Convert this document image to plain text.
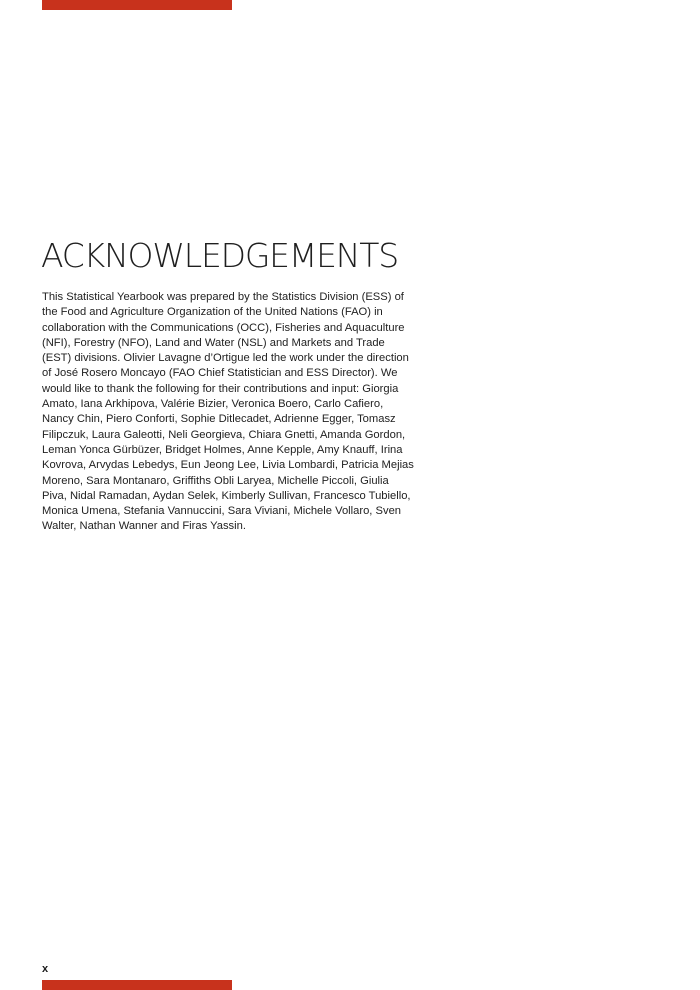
ACKNOWLEDGEMENTS

This Statistical Yearbook was prepared by the Statistics Division (ESS) of the Food and Agriculture Organization of the United Nations (FAO) in collaboration with the Communications (OCC), Fisheries and Aquaculture (NFI), Forestry (NFO), Land and Water (NSL) and Markets and Trade (EST) divisions. Olivier Lavagne d’Ortigue led the work under the direction of José Rosero Moncayo (FAO Chief Statistician and ESS Director). We would like to thank the following for their contributions and input: Giorgia Amato, Iana Arkhipova, Valérie Bizier, Veronica Boero, Carlo Cafiero, Nancy Chin, Piero Conforti, Sophie Ditlecadet, Adrienne Egger, Tomasz Filipczuk, Laura Galeotti, Neli Georgieva, Chiara Gnetti, Amanda Gordon, Leman Yonca Gürbüzer, Bridget Holmes, Anne Kepple, Amy Knauff, Irina Kovrova, Arvydas Lebedys, Eun Jeong Lee, Livia Lombardi, Patricia Mejias Moreno, Sara Montanaro, Griffiths Obli Laryea, Michelle Piccoli, Giulia Piva, Nidal Ramadan, Aydan Selek, Kimberly Sullivan, Francesco Tubiello, Monica Umena, Stefania Vannuccini, Sara Viviani, Michele Vollaro, Sven Walter, Nathan Wanner and Firas Yassin.

x
